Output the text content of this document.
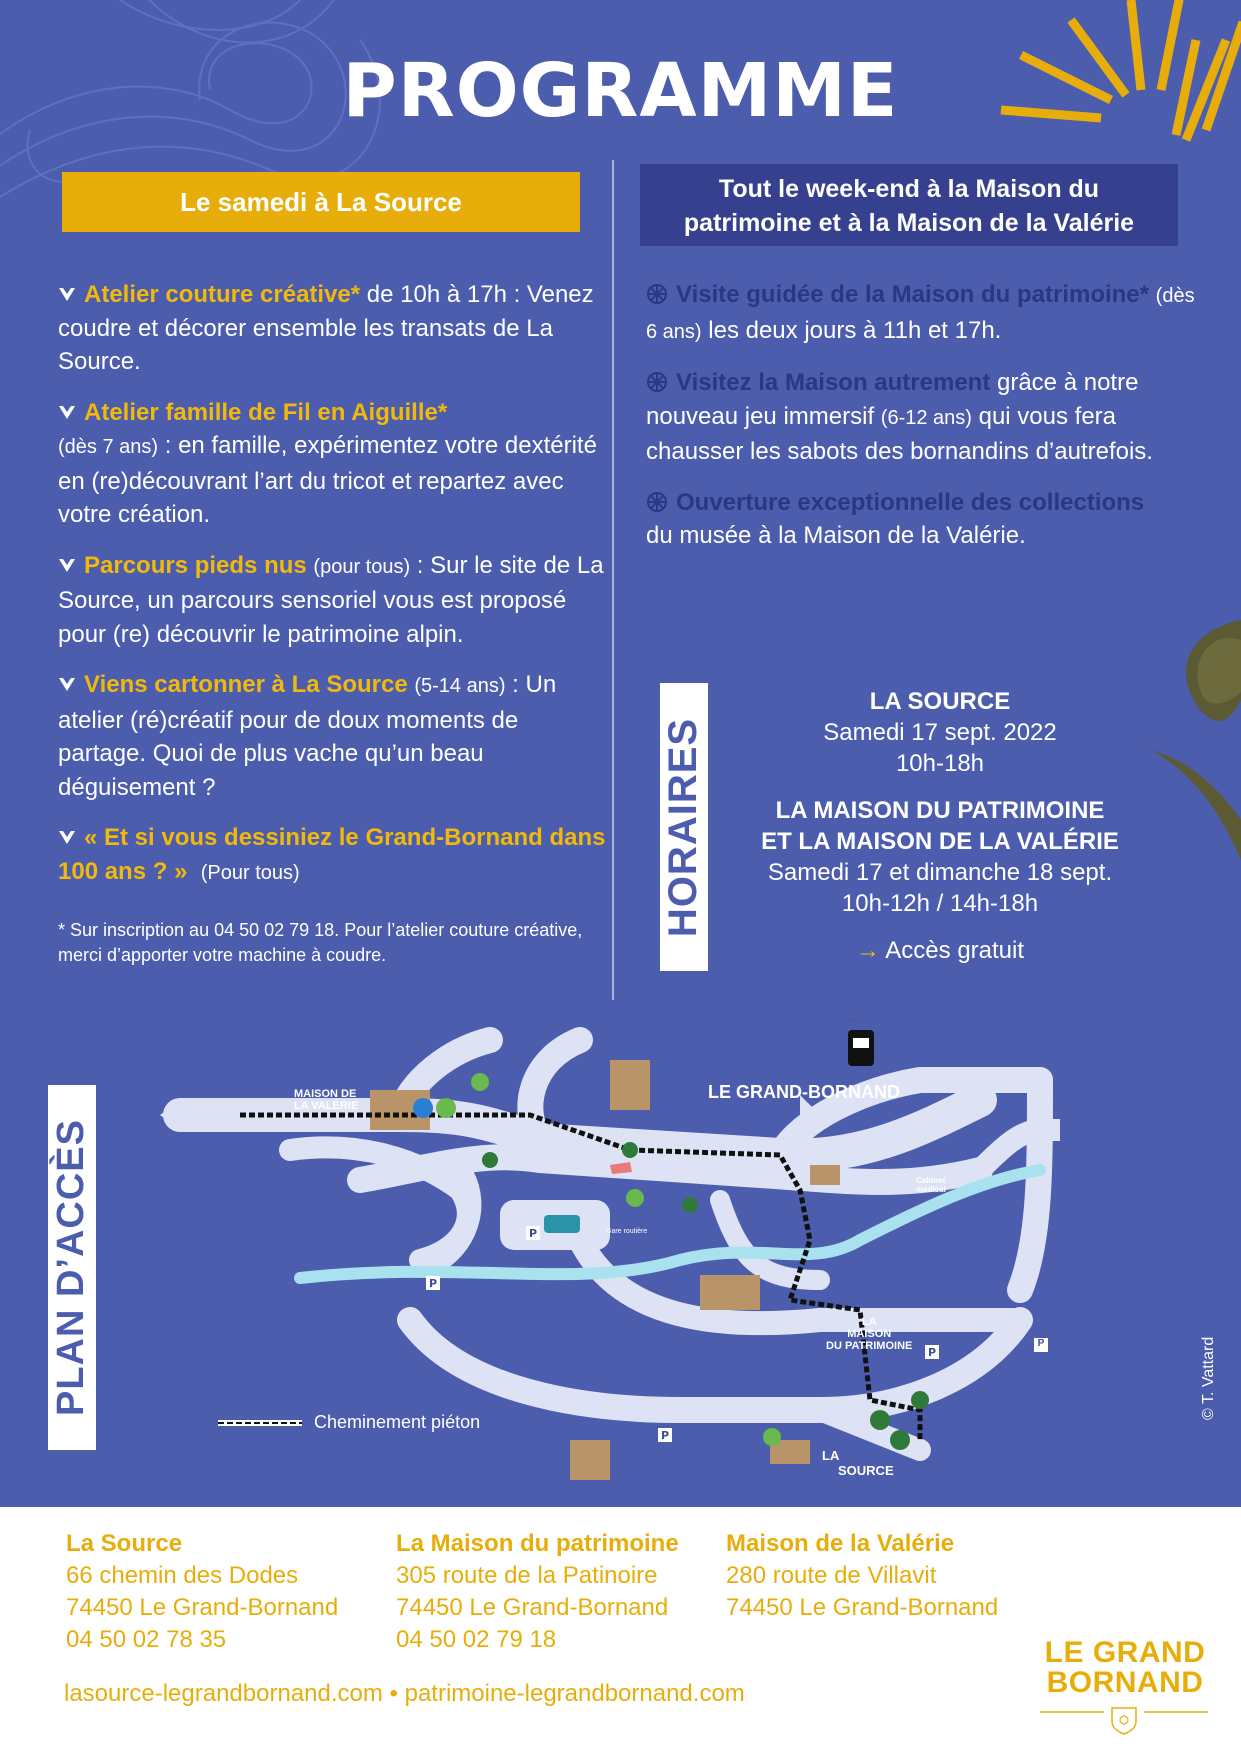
PROGRAMME
Le samedi à La Source	Tout le week-end à la Maison du
patrimoine et à la Maison de la Valérie
Atelier couture créative* de 10h à 17h : Venez coudre et décorer ensemble les transats de La Source.
Atelier famille de Fil en Aiguille*
(dès 7 ans) : en famille, expérimentez votre dextérité en (re)découvrant l’art du tricot et repartez avec votre création.
Parcours pieds nus (pour tous) : Sur le site de La Source, un parcours sensoriel vous est proposé pour (re) découvrir le patrimoine alpin.
Viens cartonner à La Source (5-14 ans) : Un atelier (ré)créatif pour de doux moments de partage. Quoi de plus vache qu’un beau déguisement ?
« Et si vous dessiniez le Grand-Bornand dans 100 ans ? » (Pour tous)
* Sur inscription au 04 50 02 79 18. Pour l’atelier couture créative, merci d’apporter votre machine à coudre.
Visite guidée de la Maison du patrimoine* (dès 6 ans) les deux jours à 11h et 17h.
Visitez la Maison autrement grâce à notre nouveau jeu immersif (6-12 ans) qui vous fera chausser les sabots des bornandins d’autrefois.
Ouverture exceptionnelle des collections
du musée à la Maison de la Valérie.
HORAIRES
LA SOURCE
Samedi 17 sept. 2022
10h-18h
LA MAISON DU PATRIMOINE
ET LA MAISON DE LA VALÉRIE
Samedi 17 et dimanche 18 sept.
10h-12h / 14h-18h
→ Accès gratuit
PLAN D’ACCÈS	P
P
P
P
LE GRAND-BORNAND
MAISON DE
LA VALÉRIE
LA
MAISON
DU PATRIMOINE
LA
SOURCE
Cabinet
médical
Gare routière
P
Cheminement piéton
© T. Vattard
La Source
66 chemin des Dodes
74450 Le Grand-Bornand
04 50 02 78 35
La Maison du patrimoine
305 route de la Patinoire
74450 Le Grand-Bornand
04 50 02 79 18
Maison de la Valérie
280 route de Villavit
74450 Le Grand-Bornand
lasource-legrandbornand.com • patrimoine-legrandbornand.com
LE GRAND
BORNAND
